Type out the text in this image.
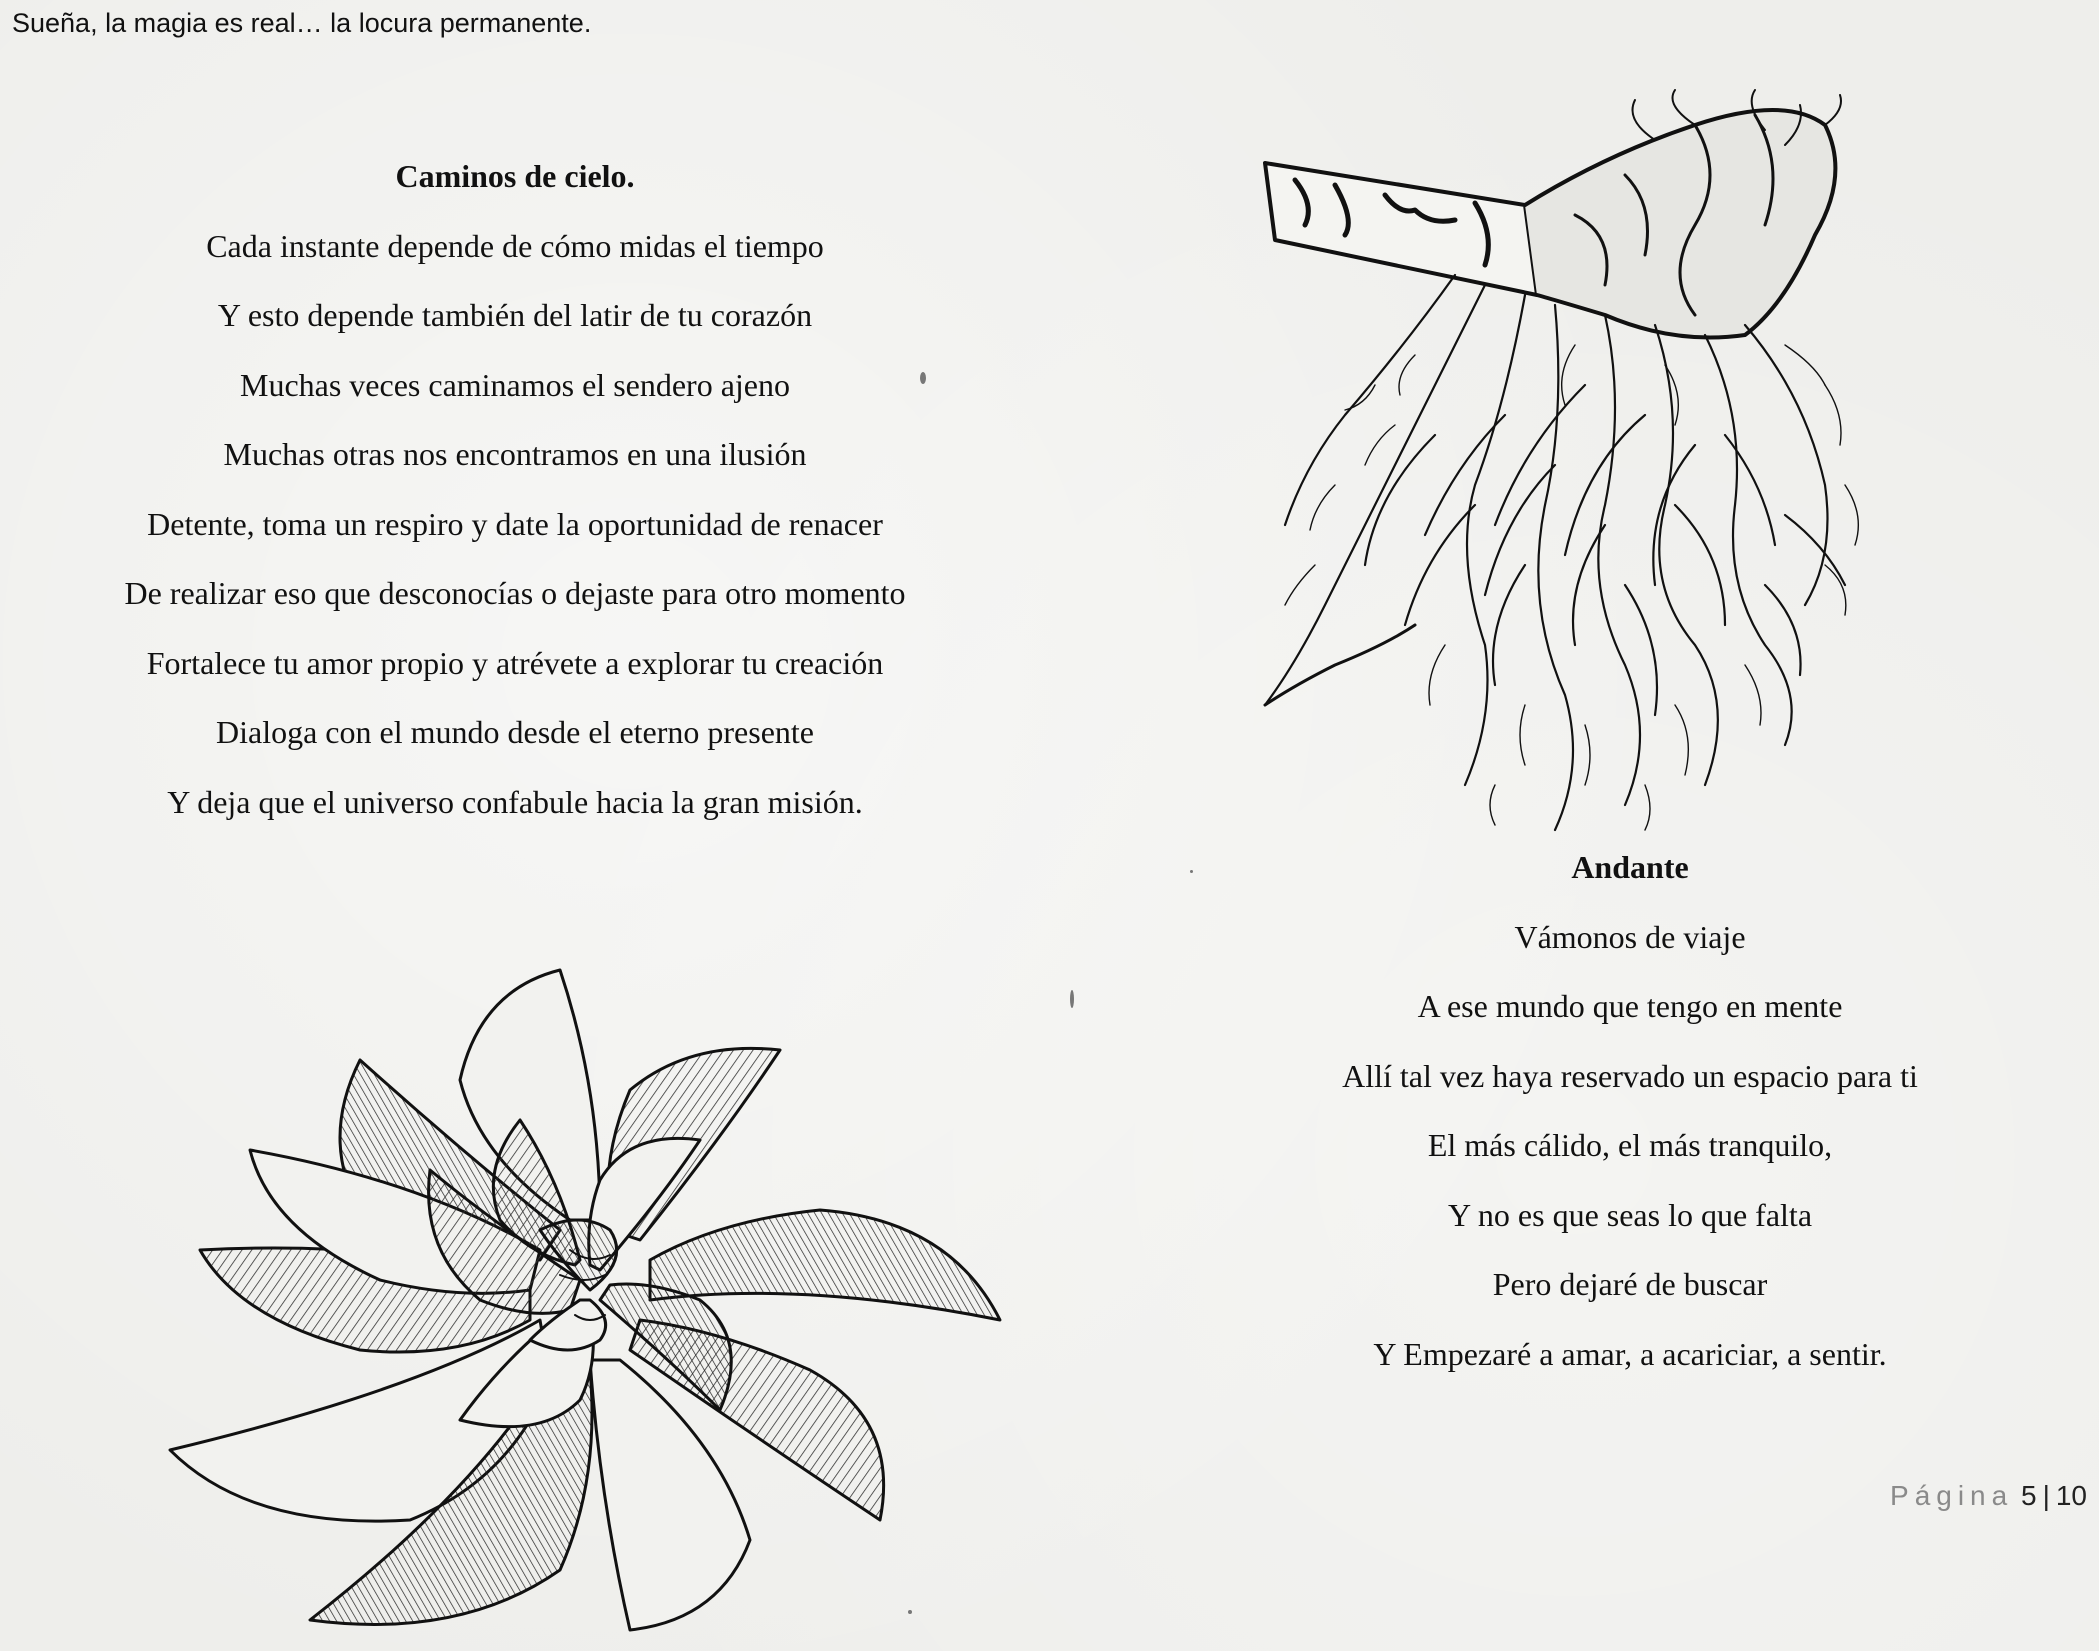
Sueña, la magia es real… la locura permanente.
Caminos de cielo.
Cada instante depende de cómo midas el tiempo
Y esto depende también del latir de tu corazón
Muchas veces caminamos el sendero ajeno
Muchas otras nos encontramos en una ilusión
Detente, toma un respiro y date la oportunidad de renacer
De realizar eso que desconocías o dejaste para otro momento
Fortalece tu amor propio y atrévete a explorar tu creación
Dialoga con el mundo desde el eterno presente
Y deja que el universo confabule hacia la gran misión.
Andante
Vámonos de viaje
A ese mundo que tengo en mente
Allí tal vez haya reservado un espacio para ti
El más cálido, el más tranquilo,
Y no es que seas lo que falta
Pero dejaré de buscar
Y Empezaré a amar, a acariciar, a sentir.
Página 5 | 10
